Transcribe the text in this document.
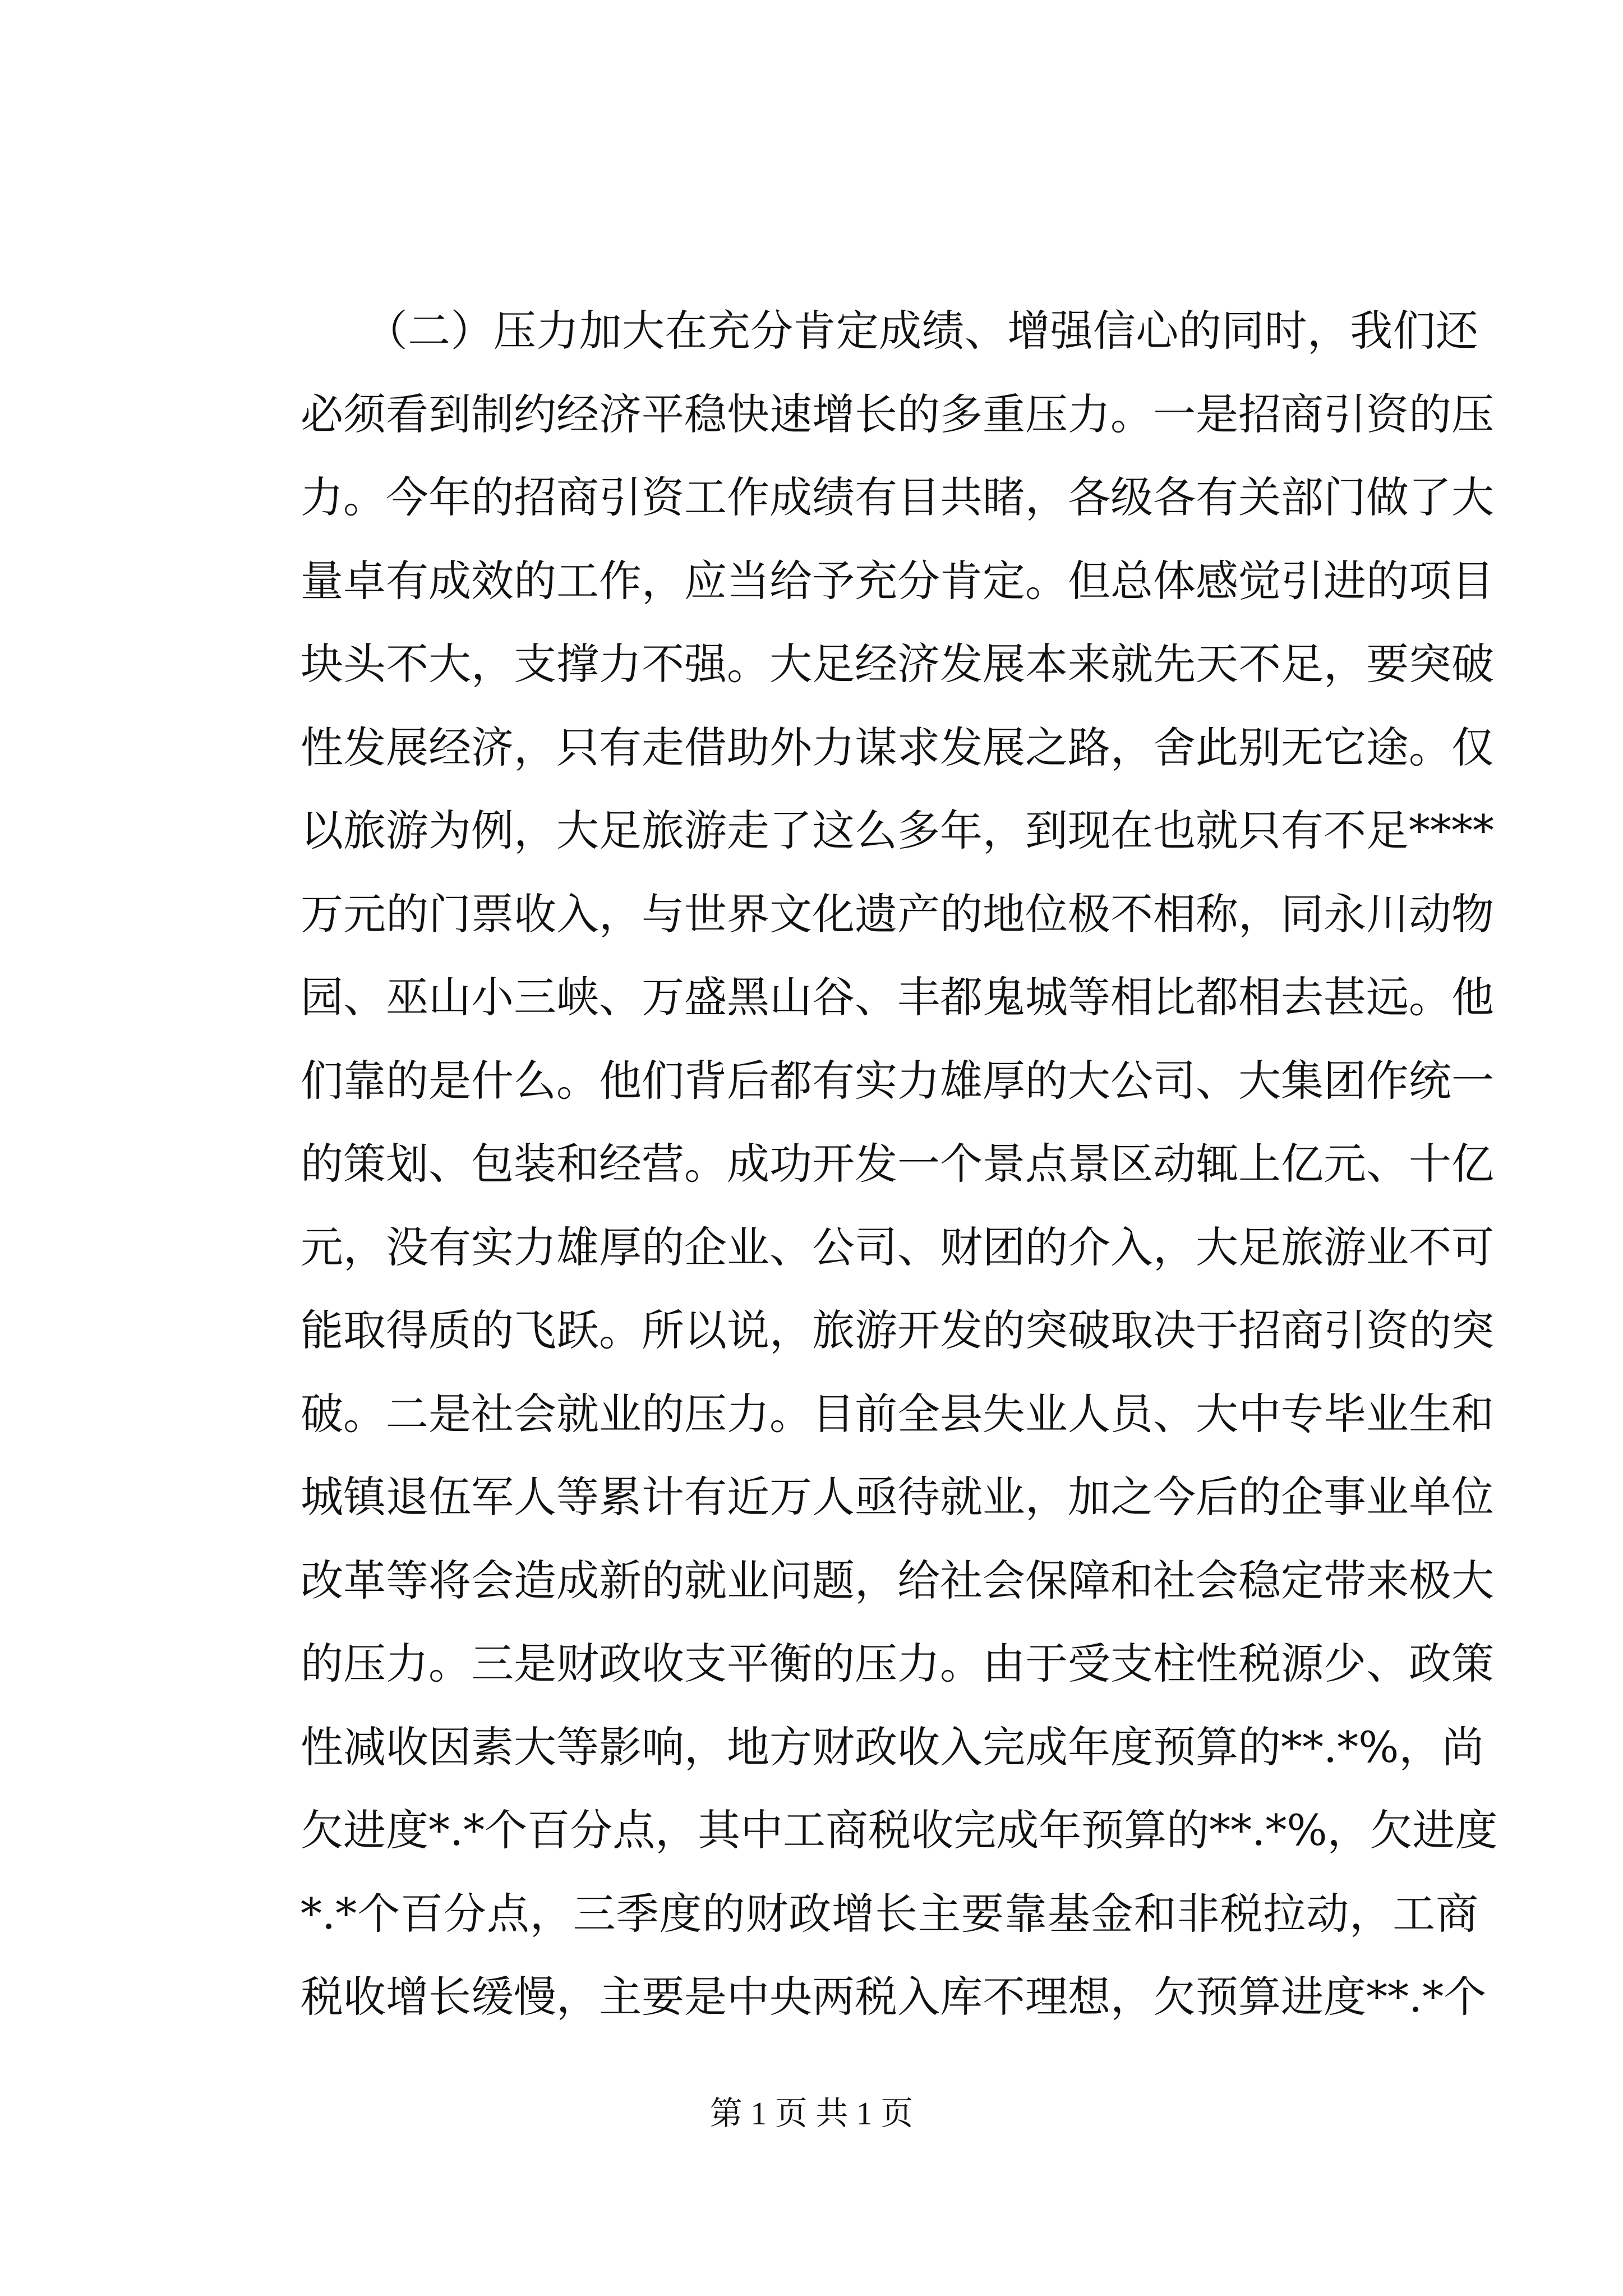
　　（二）压力加大在充分肯定成绩、增强信心的同时，我们还
必须看到制约经济平稳快速增长的多重压力。一是招商引资的压
力。今年的招商引资工作成绩有目共睹，各级各有关部门做了大
量卓有成效的工作，应当给予充分肯定。但总体感觉引进的项目
块头不大，支撑力不强。大足经济发展本来就先天不足，要突破
性发展经济，只有走借助外力谋求发展之路，舍此别无它途。仅
以旅游为例，大足旅游走了这么多年，到现在也就只有不足****
万元的门票收入，与世界文化遗产的地位极不相称，同永川动物
园、巫山小三峡、万盛黑山谷、丰都鬼城等相比都相去甚远。他
们靠的是什么。他们背后都有实力雄厚的大公司、大集团作统一
的策划、包装和经营。成功开发一个景点景区动辄上亿元、十亿
元，没有实力雄厚的企业、公司、财团的介入，大足旅游业不可
能取得质的飞跃。所以说，旅游开发的突破取决于招商引资的突
破。二是社会就业的压力。目前全县失业人员、大中专毕业生和
城镇退伍军人等累计有近万人亟待就业，加之今后的企事业单位
改革等将会造成新的就业问题，给社会保障和社会稳定带来极大
的压力。三是财政收支平衡的压力。由于受支柱性税源少、政策
性减收因素大等影响，地方财政收入完成年度预算的**.*%，尚
欠进度*.*个百分点，其中工商税收完成年预算的**.*%，欠进度
*.*个百分点，三季度的财政增长主要靠基金和非税拉动，工商
税收增长缓慢，主要是中央两税入库不理想，欠预算进度**.*个
第 1 页 共 1 页
